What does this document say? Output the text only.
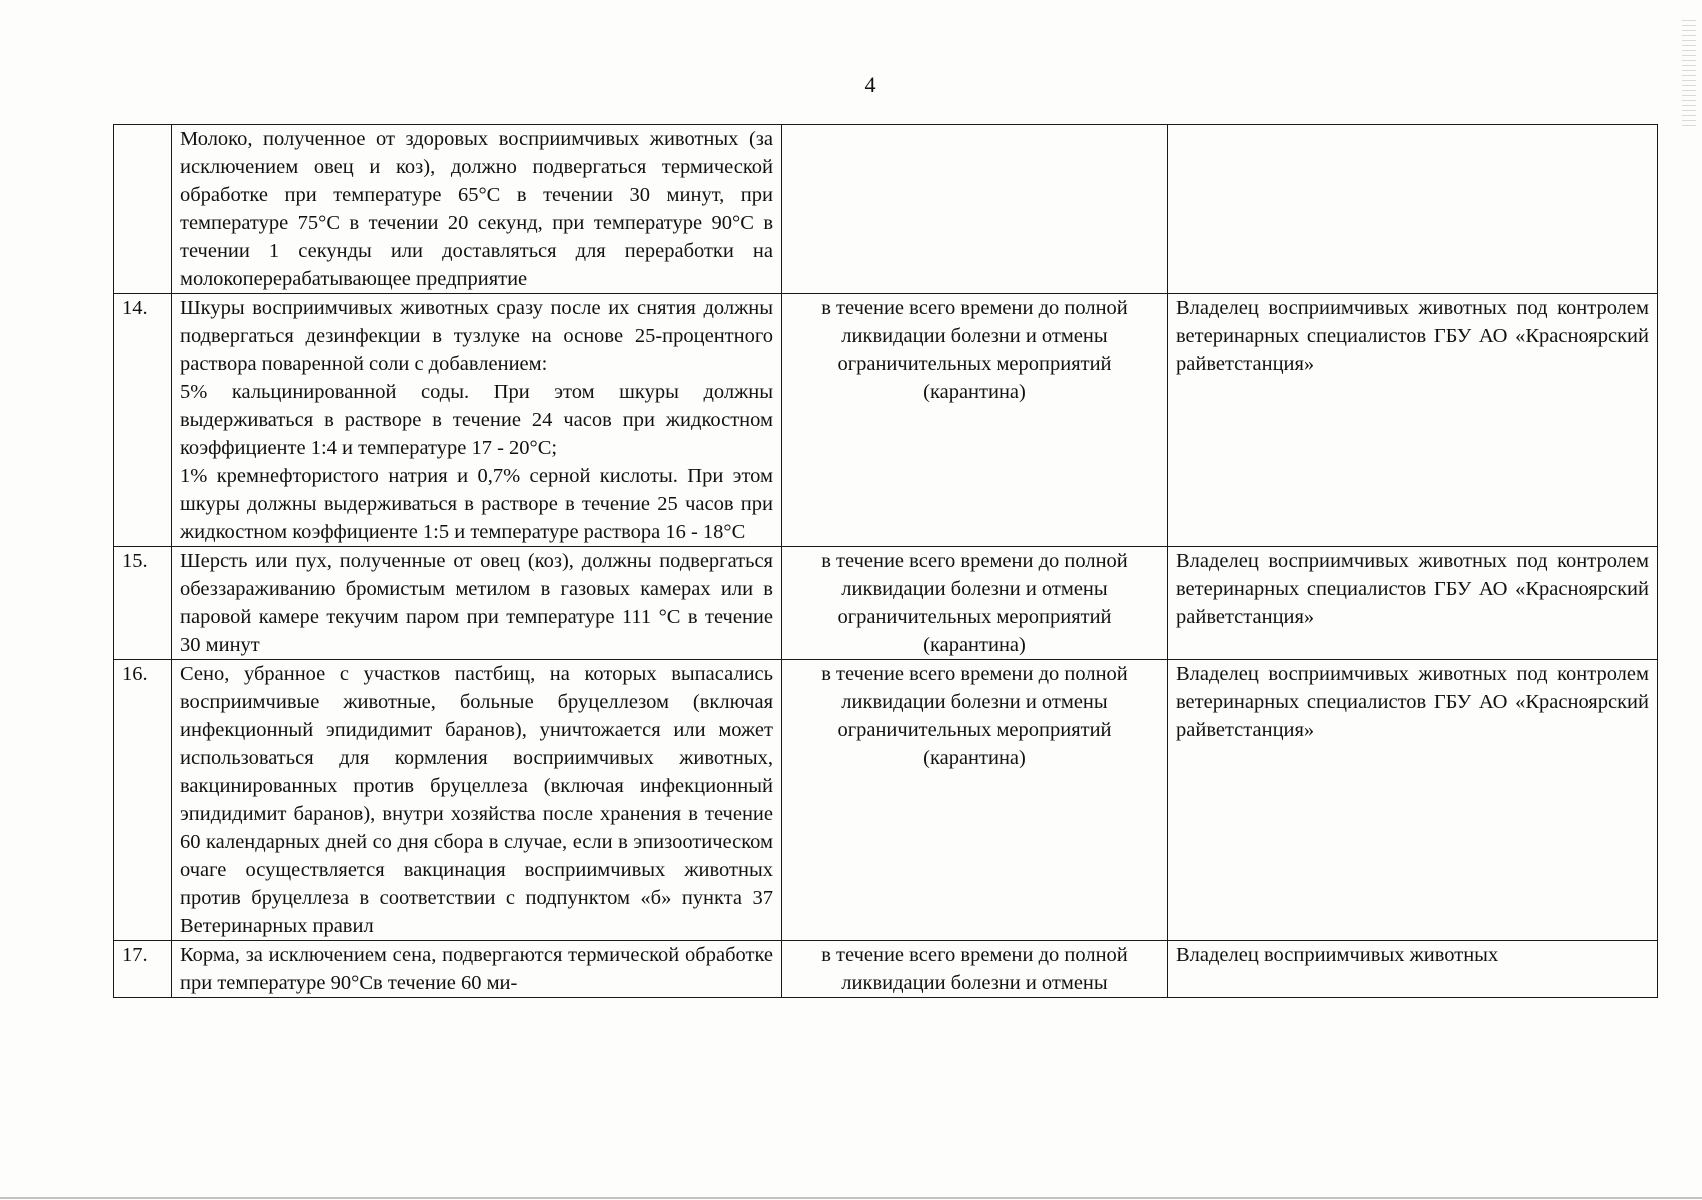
4

	Молоко, полученное от здоровых восприимчивых животных (за исключением овец и коз), должно подвергаться термической обработке при температуре 65°С в течении 30 минут, при температуре 75°С в течении 20 секунд, при температуре 90°С в течении 1 секунды или доставляться для переработки на молокоперерабатывающее предприятие		

14.	Шкуры восприимчивых животных сразу после их снятия должны подвергаться дезинфекции в тузлуке на основе 25-процентного раствора поваренной соли с добавлением:
5% кальцинированной соды. При этом шкуры должны выдерживаться в растворе в течение 24 часов при жидкостном коэффициенте 1:4 и температуре 17 - 20°С;
1% кремнефтористого натрия и 0,7% серной кислоты. При этом шкуры должны выдерживаться в растворе в течение 25 часов при жидкостном коэффициенте 1:5 и температуре раствора 16 - 18°С	в течение всего времени до полной ликвидации болезни и отмены ограничительных мероприятий (карантина)	Владелец восприимчивых животных под контролем ветеринарных специалистов ГБУ АО «Красноярский райветстанция»
15.	Шерсть или пух, полученные от овец (коз), должны подвергаться обеззараживанию бромистым метилом в газовых камерах или в паровой камере текучим паром при температуре 111 °С в течение 30 минут	в течение всего времени до полной ликвидации болезни и отмены ограничительных мероприятий (карантина)	Владелец восприимчивых животных под контролем ветеринарных специалистов ГБУ АО «Красноярский райветстанция»
16.	Сено, убранное с участков пастбищ, на которых выпасались восприимчивые животные, больные бруцеллезом (включая инфекционный эпидидимит баранов), уничтожается или может использоваться для кормления восприимчивых животных, вакцинированных против бруцеллеза (включая инфекционный эпидидимит баранов), внутри хозяйства после хранения в течение 60 календарных дней со дня сбора в случае, если в эпизоотическом очаге осуществляется вакцинация восприимчивых животных против бруцеллеза в соответствии с подпунктом «б» пункта 37 Ветеринарных правил	в течение всего времени до полной ликвидации болезни и отмены ограничительных мероприятий (карантина)	Владелец восприимчивых животных под контролем ветеринарных специалистов ГБУ АО «Красноярский райветстанция»
17.	Корма, за исключением сена, подвергаются термической обработке при температуре 90°Св течение 60 ми-	в течение всего времени до полной ликвидации болезни и отмены	Владелец восприимчивых животных
